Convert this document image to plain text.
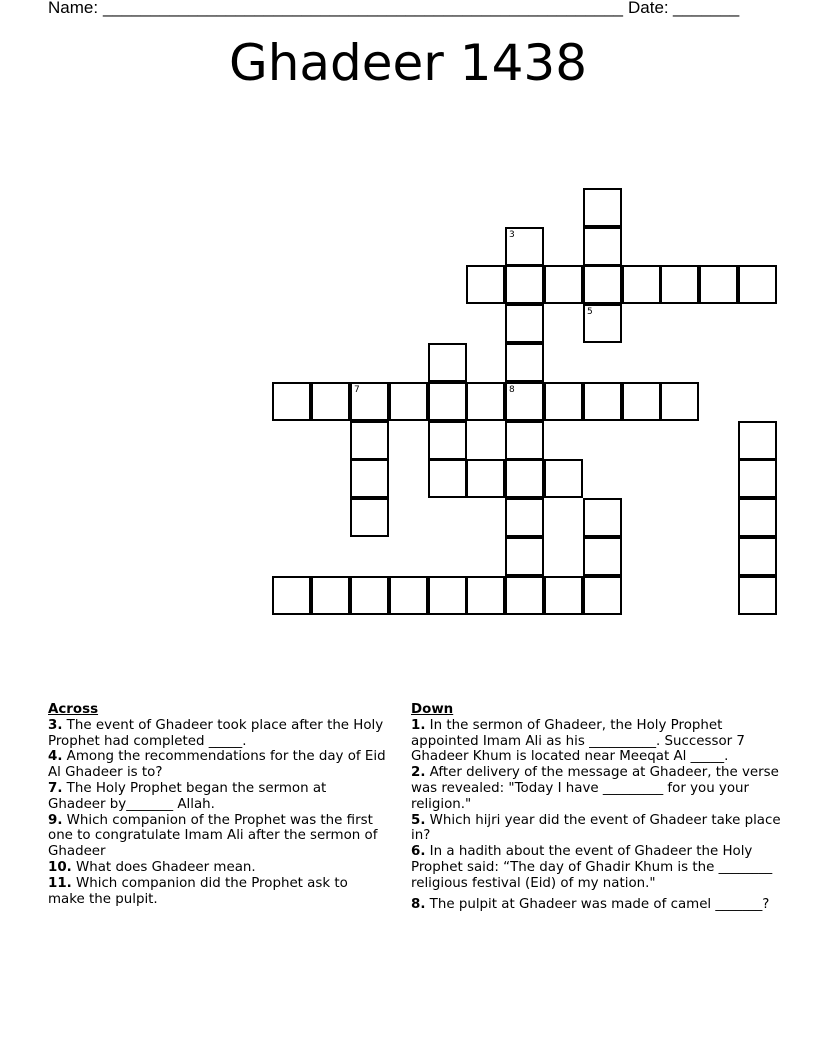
Name: _______________________________________________________ Date: _______
Ghadeer 1438
7	8
3
5
Across
3. The event of Ghadeer took place after the Holy Prophet had completed _____.
4. Among the recommendations for the day of Eid Al Ghadeer is to?
7. The Holy Prophet began the sermon at Ghadeer by_______ Allah.
9. Which companion of the Prophet was the first one to congratulate Imam Ali after the sermon of Ghadeer
10. What does Ghadeer mean.
11. Which companion did the Prophet ask to make the pulpit.
Down
1. In the sermon of Ghadeer, the Holy Prophet appointed Imam Ali as his __________. Successor 7 Ghadeer Khum is located near Meeqat Al _____.
2. After delivery of the message at Ghadeer, the verse was revealed: "Today I have _________ for you your religion."
5. Which hijri year did the event of Ghadeer take place in?
6. In a hadith about the event of Ghadeer the Holy Prophet said: “The day of Ghadir Khum is the ________ religious festival (Eid) of my nation."
8. The pulpit at Ghadeer was made of camel _______?
